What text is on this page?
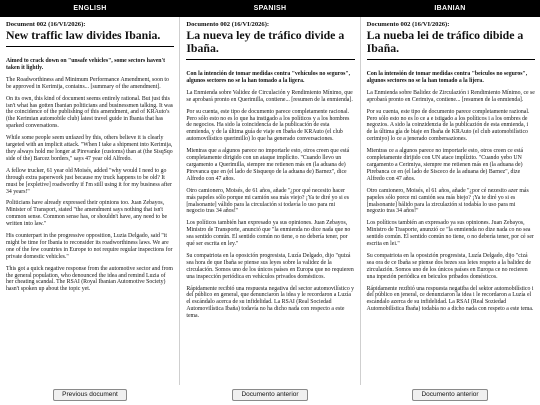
ENGLISH	SPANISH	IBANIAN
Document 002 (16/VI/2026):
New traffic law divides Ibania.

Aimed to crack down on "unsafe vehicles", some sectors haven't taken it lightly.

The Roadworthiness and Minimum Performance Amendment, soon to be approved in Kerimija, contains... [summary of the amendment].

On its own, this kind of document seems entirely rational. But just this isn't what has gotten Ibanian politicians and businessmen talking. It was the coincidence of the publishing of this amendment, and of KRAuto's (the Kerimian automobile club) latest travel guide in Ibania that has sparked conversations.

While some people seem unfazed by this, others believe it is clearly targeted with an implicit attack. "When I take a shipment into Kerimija, they always hold me longer at Pirevanke (customs) than at (the SisqSqo side of the) Barcez borders," says 47 year old Alfredo.

A fellow trucker, 61 year old Moisés, added "why would I need to go through extra paperwork just because my truck happens to be old? It must be [expletive] roadworthy if I'm still using it for my business after 34 years!"

Politicians have already expressed their opinions too. Juan Zebayos, Minister of Transport, stated "the amendment says nothing that isn't common sense. Common sense has, or shouldn't have, any need to be written into law."

His counterpart in the progressive opposition, Luzia Delgado, said "it might be time for Ibania to reconsider its roadworthiness laws. We are one of the few countries in Europe to not require regular inspections for private domestic vehicles."

This got a quick negative response from the automotive sector and from the general population, who denounced the idea and remind Luzia of her cheating scandal. The RSAI (Royal Ibanian Automotive Society) hasn't spoken up about the topic yet.

Documento 002 (16/VI/2026):
La nueva ley de tráfico divide a Ibaña.

Con la intención de tomar medidas contra "vehículos no seguros", algunos sectores no se la han tomado a la ligera.

La Enmienda sobre Validez de Circulación y Rendimiento Mínimo, que se aprobará pronto en Querimilla, contiene... [resumen de la enmienda].

Por su cuenta, este tipo de documento parece completamente racional. Pero sólo esto no es lo que ha instigado a los políticos y a los hombres de negocios. Ha sido la coincidencia de la publicación de esta enmienda, y de la última guía de viaje en Ibaña de KRAuto (el club automovilístico querimillo) lo que ha generado conversaciones.

Mientras que a algunos parece no importarle esto, otros creen que está completamente dirigido con un ataque implícito. "Cuando llevo un cargamento a Querimilla, siempre me retienen más en (la aduana de) Pirevanca que en (el lado de Sisqueqo de la aduana de) Barnez", dice Alfredo con 47 años.

Otro camionero, Moisés, de 61 años, añade "¿por qué necesito hacer más papeles sólo porque mi camión sea más viejo? ¡Ya te diré yo si es [malsonante] válido para la circulación si todavía lo uso para mi negocio tras 34 años!"

Los políticos también han expresado ya sus opiniones. Juan Zebayos, Ministro de Transporte, anunció que "la enmienda no dice nada que no sea sentido común. El sentido común no tiene, o no debería tener, por qué ser escrita en ley."

Su compatriota en la oposición progresista, Luzía Delgado, dijo "quizá sea hora de que Ibaña se piense sus leyes sobre la validez de la circulación. Somos uno de los únicos países en Europa que no requieren una inspección periódica en vehículos privados domésticos.

Rápidamente recibió una respuesta negativa del sector automovilístico y del público en general, que denunciaron la idea y le recordaron a Luzía el escándalo acerca de su infidelidad. La RSAI (Real Sociedad Automovilística Ibaña) todavía no ha dicho nada con respecto a este tema.

Documento 002 (16/VI/2026):
La nueba lei de tráfico dibide a Ibaña.

Con la intensión de tomar medidas contra "beiculos no seguros", algunos sectores no se la han tomado a la lijera.

La Enmienda sobre Balidez de Zirculazión i Rendimiento Mínimo, ce se aprobará pronto en Cerimiya, contiene... [resumen de la enmienda].

Por su cuenta, este tipo de documento parece completamente razional. Pero sólo esto no es lo ce a e istigado a los políticos i a los ombres de negozios. A sido la coinzidenzia de la publicazión de esta enmienda, i de la última gía de biaje en Ibaña de KRAuto (el club automobilístico cerimiyo) lo ce a jenerado combersaziones.

Mientras ce a algunos parece no importarle esto, otros creen ce está completamente dirijido con UN atace implízito. "Cuando yebo UN cargamento a Cerimiya, siempre me retienen más en (la aduana de) Pirebanca ce en (el lado de Sisceco de la aduana de) Barnez", dize Alfredo con 47 años.

Otro camionero, Moisés, el 61 años, añade "¿por cé nezesito azer más papeles sólo porce mi camión sea más biejo? ¡Ya te diré yo si es [malsonante] bálido para la zirculazión si todabía lo uso para mi negozio tras 34 años!"

Los políticos también an expresado ya sus opiniones. Juan Zebayos, Ministro de Trasporte, anunzió ce "la enmienda no dize nada co no sea sentido común. El sentido común no tiene, o no debería tener, por cé ser escrita en lei."

Su compatriota en la oposizión progresista, Luzía Delgado, dijo "cizá sea ora de ce Ibaña se piense dos bezes sus leies respeto a la balidez de zirculazión. Somos uno de los únicos países en Europa ce no recieren una inpezión periódica en beiculos pribados domésticos.

Rápidamente rezibió una respuesta negatiba del sektor automobilístico i del público en jeneral, ce denunziaron la idea i le recordaron a Luzía el escándalo azerca de su infidelidad. La RSAI (Real Soziedad Automobilística Ibaña) todabía no a dicho nada con respeto a este tema.

Previous document	Documento anterior	Documento anterior
